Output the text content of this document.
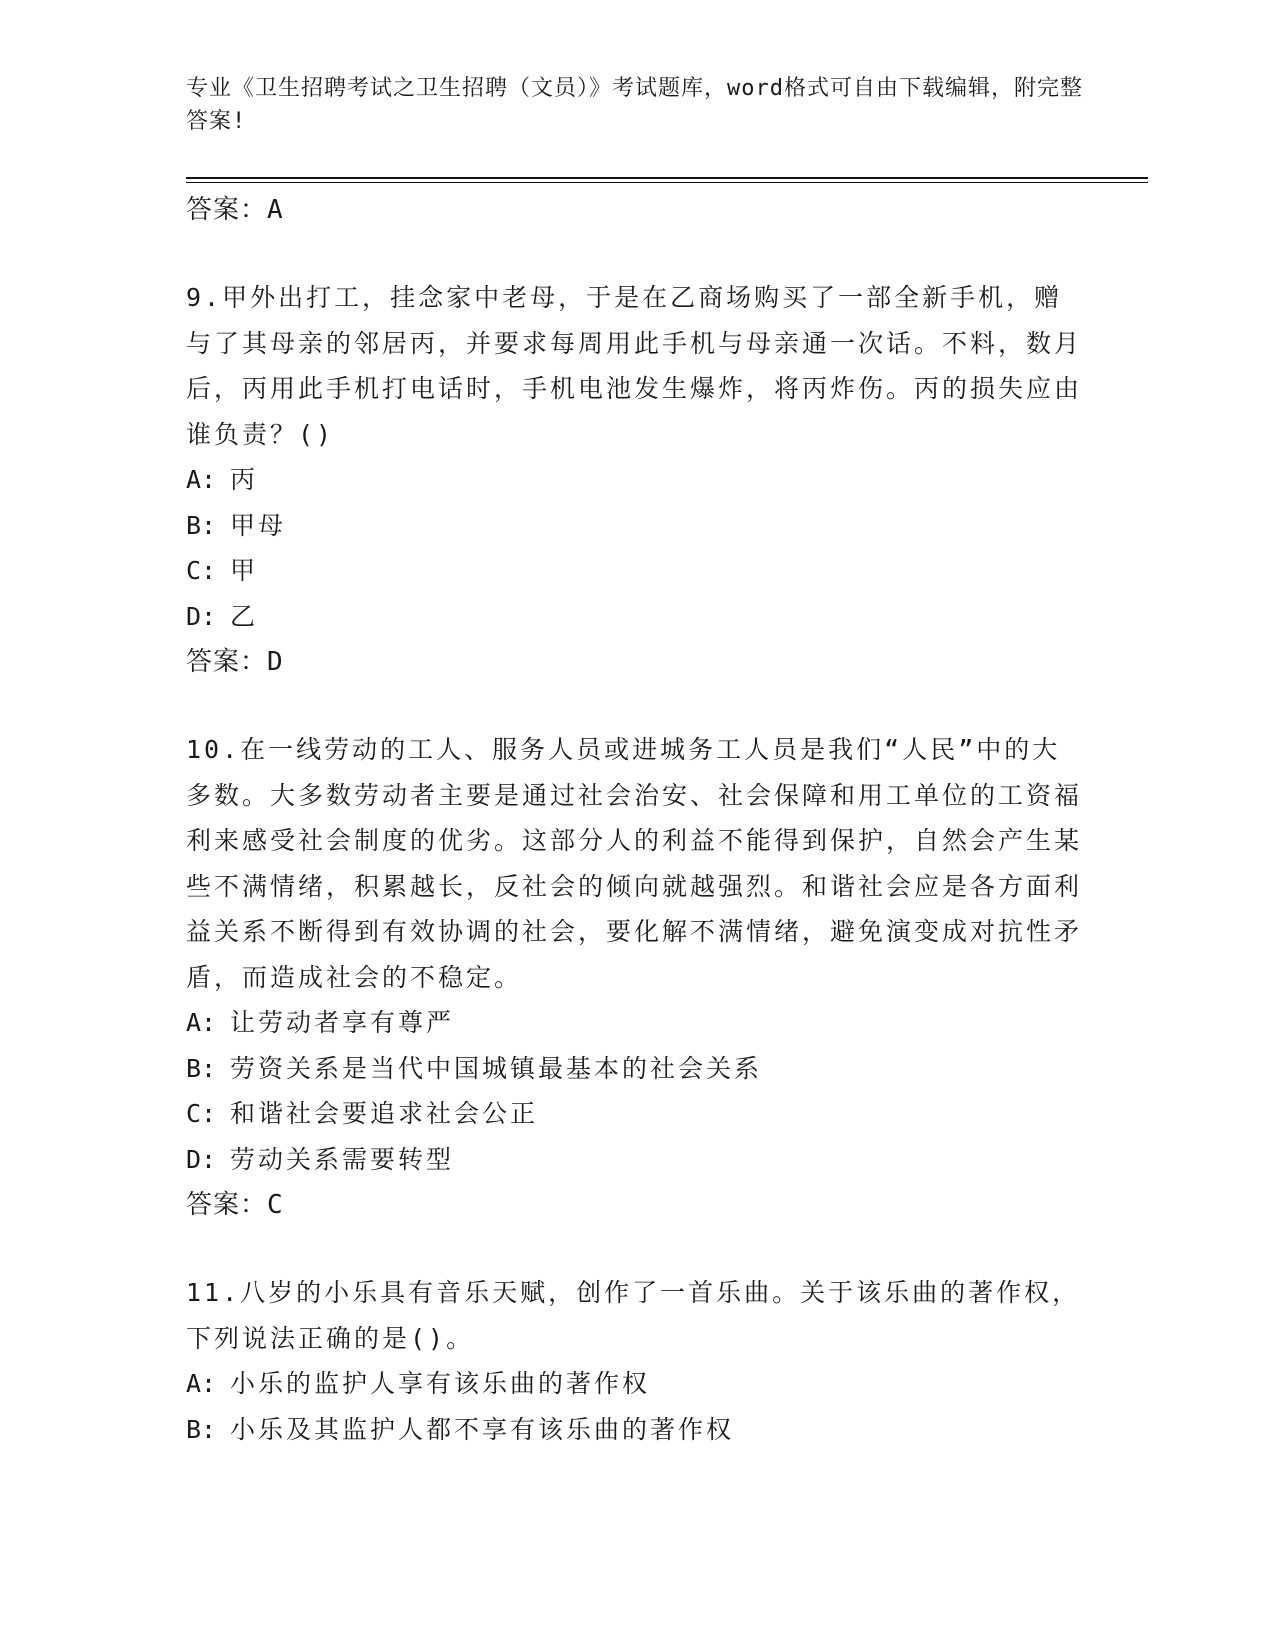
专业《卫生招聘考试之卫生招聘（文员）》考试题库，word格式可自由下载编辑，附完整答案!
答案：A
9.甲外出打工，挂念家中老母，于是在乙商场购买了一部全新手机，赠与了其母亲的邻居丙，并要求每周用此手机与母亲通一次话。不料，数月后，丙用此手机打电话时，手机电池发生爆炸，将丙炸伤。丙的损失应由谁负责？()
A: 丙
B: 甲母
C: 甲
D: 乙
答案：D
10.在一线劳动的工人、服务人员或进城务工人员是我们“人民”中的大多数。大多数劳动者主要是通过社会治安、社会保障和用工单位的工资福利来感受社会制度的优劣。这部分人的利益不能得到保护，自然会产生某些不满情绪，积累越长，反社会的倾向就越强烈。和谐社会应是各方面利益关系不断得到有效协调的社会，要化解不满情绪，避免演变成对抗性矛盾，而造成社会的不稳定。
A: 让劳动者享有尊严
B: 劳资关系是当代中国城镇最基本的社会关系
C: 和谐社会要追求社会公正
D: 劳动关系需要转型
答案：C
11.八岁的小乐具有音乐天赋，创作了一首乐曲。关于该乐曲的著作权，下列说法正确的是()。
A: 小乐的监护人享有该乐曲的著作权
B: 小乐及其监护人都不享有该乐曲的著作权
